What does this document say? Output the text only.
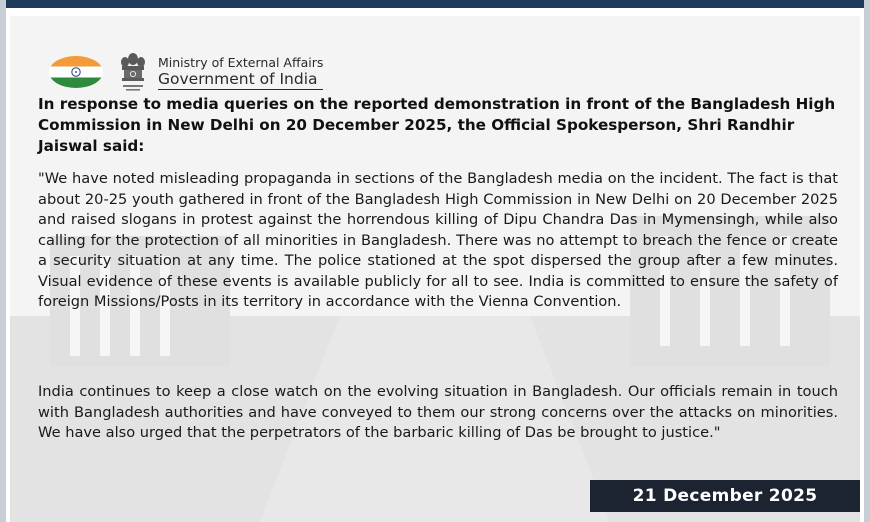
Ministry of External Affairs
Government of India

In response to media queries on the reported demonstration in front of the Bangladesh High Commission in New Delhi on 20 December 2025, the Official Spokesperson, Shri Randhir Jaiswal said:

"We have noted misleading propaganda in sections of the Bangladesh media on the incident. The fact is that about 20-25 youth gathered in front of the Bangladesh High Commission in New Delhi on 20 December 2025 and raised slogans in protest against the horrendous killing of Dipu Chandra Das in Mymensingh, while also calling for the protection of all minorities in Bangladesh. There was no attempt to breach the fence or create a security situation at any time. The police stationed at the spot dispersed the group after a few minutes. Visual evidence of these events is available publicly for all to see. India is committed to ensure the safety of foreign Missions/Posts in its territory in accordance with the Vienna Convention.

India continues to keep a close watch on the evolving situation in Bangladesh. Our officials remain in touch with Bangladesh authorities and have conveyed to them our strong concerns over the attacks on minorities. We have also urged that the perpetrators of the barbaric killing of Das be brought to justice."

21 December 2025
